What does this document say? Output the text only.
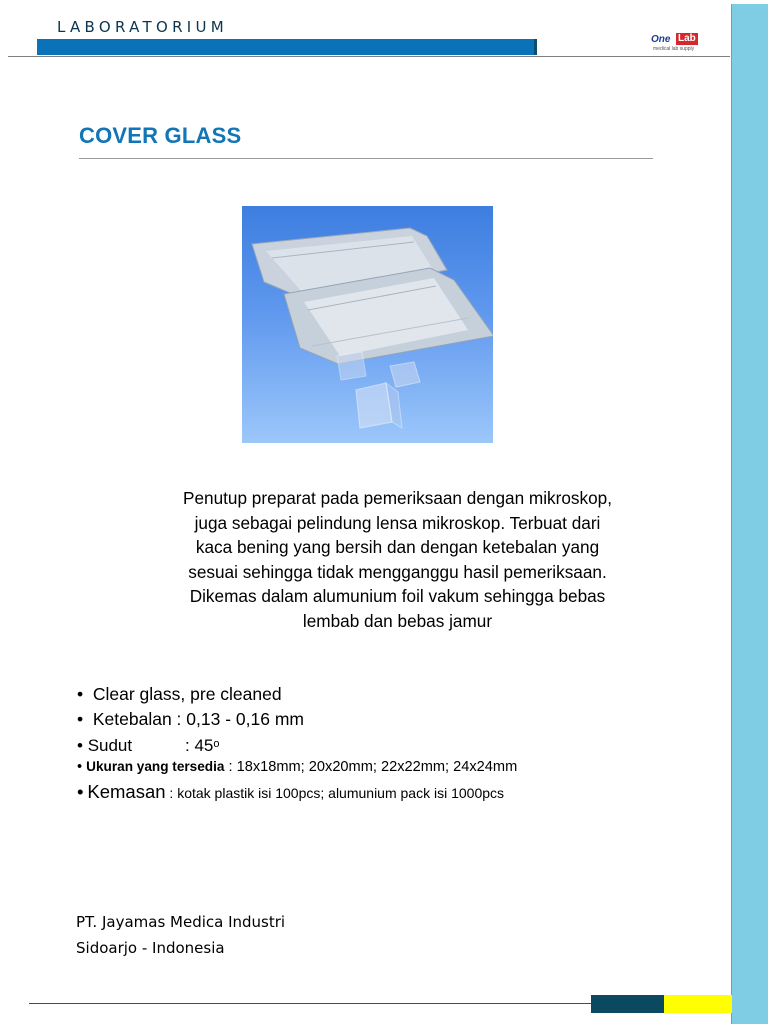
LABORATORIUM
One Lab
medical lab supply
COVER GLASS
Penutup preparat pada pemeriksaan dengan mikroskop,
juga sebagai pelindung lensa mikroskop. Terbuat dari
kaca bening yang bersih dan dengan ketebalan yang
sesuai sehingga tidak mengganggu hasil pemeriksaan.
Dikemas dalam alumunium foil vakum sehingga bebas
lembab dan bebas jamur
• Clear glass, pre cleaned
• Ketebalan : 0,13 - 0,16 mm
• Sudut	: 45$^o$
• Ukuran yang tersedia : 18x18mm; 20x20mm; 22x22mm; 24x24mm
• Kemasan : kotak plastik isi 100pcs; alumunium pack isi 1000pcs
PT. Jayamas Medica Industri
Sidoarjo - Indonesia
